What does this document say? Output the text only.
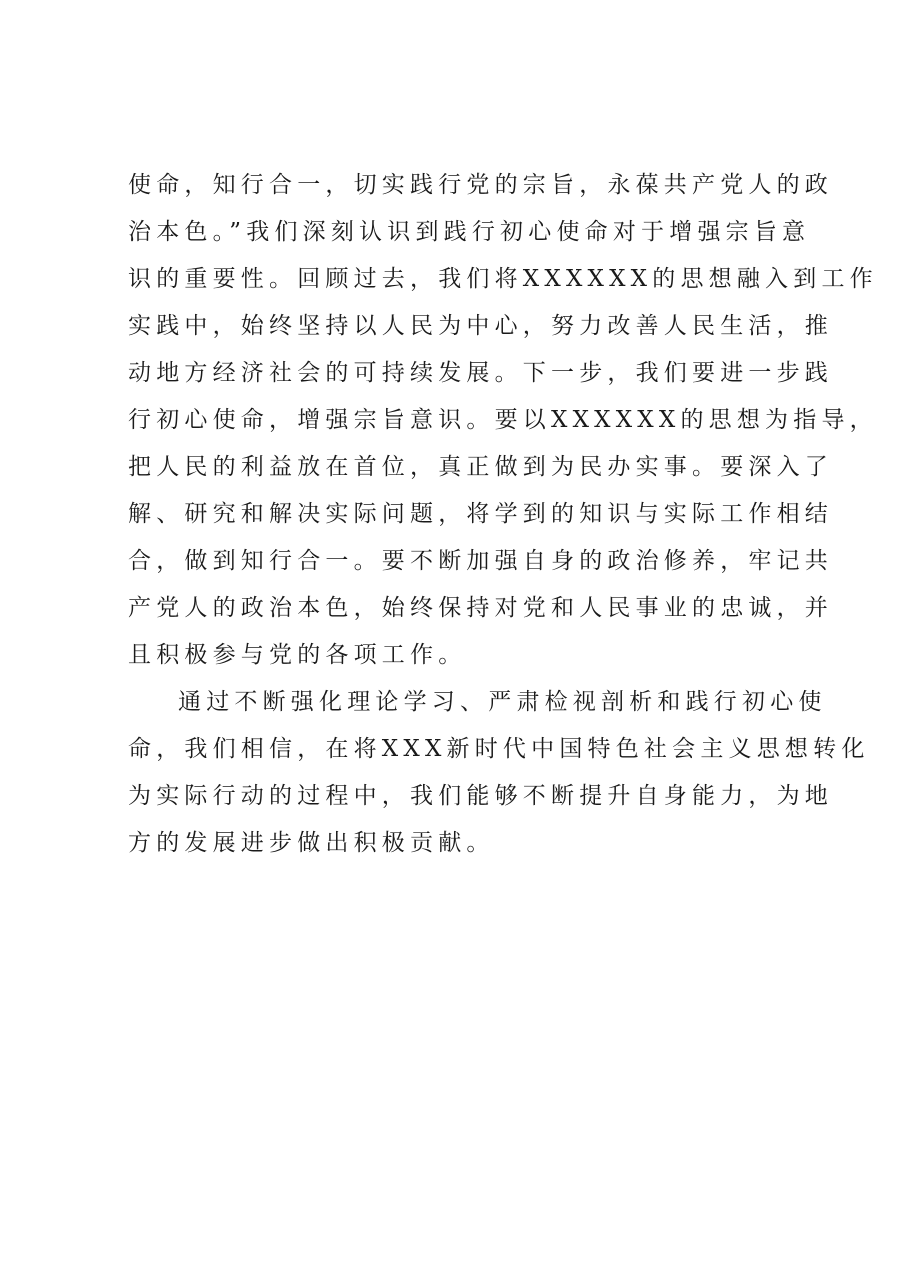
使命，知行合一，切实践行党的宗旨，永葆共产党人的政
治本色。”我们深刻认识到践行初心使命对于增强宗旨意
识的重要性。回顾过去，我们将XXXXXX的思想融入到工作
实践中，始终坚持以人民为中心，努力改善人民生活，推
动地方经济社会的可持续发展。下一步，我们要进一步践
行初心使命，增强宗旨意识。要以XXXXXX的思想为指导，
把人民的利益放在首位，真正做到为民办实事。要深入了
解、研究和解决实际问题，将学到的知识与实际工作相结
合，做到知行合一。要不断加强自身的政治修养，牢记共
产党人的政治本色，始终保持对党和人民事业的忠诚，并
且积极参与党的各项工作。

通过不断强化理论学习、严肃检视剖析和践行初心使
命，我们相信，在将XXX新时代中国特色社会主义思想转化
为实际行动的过程中，我们能够不断提升自身能力，为地
方的发展进步做出积极贡献。
